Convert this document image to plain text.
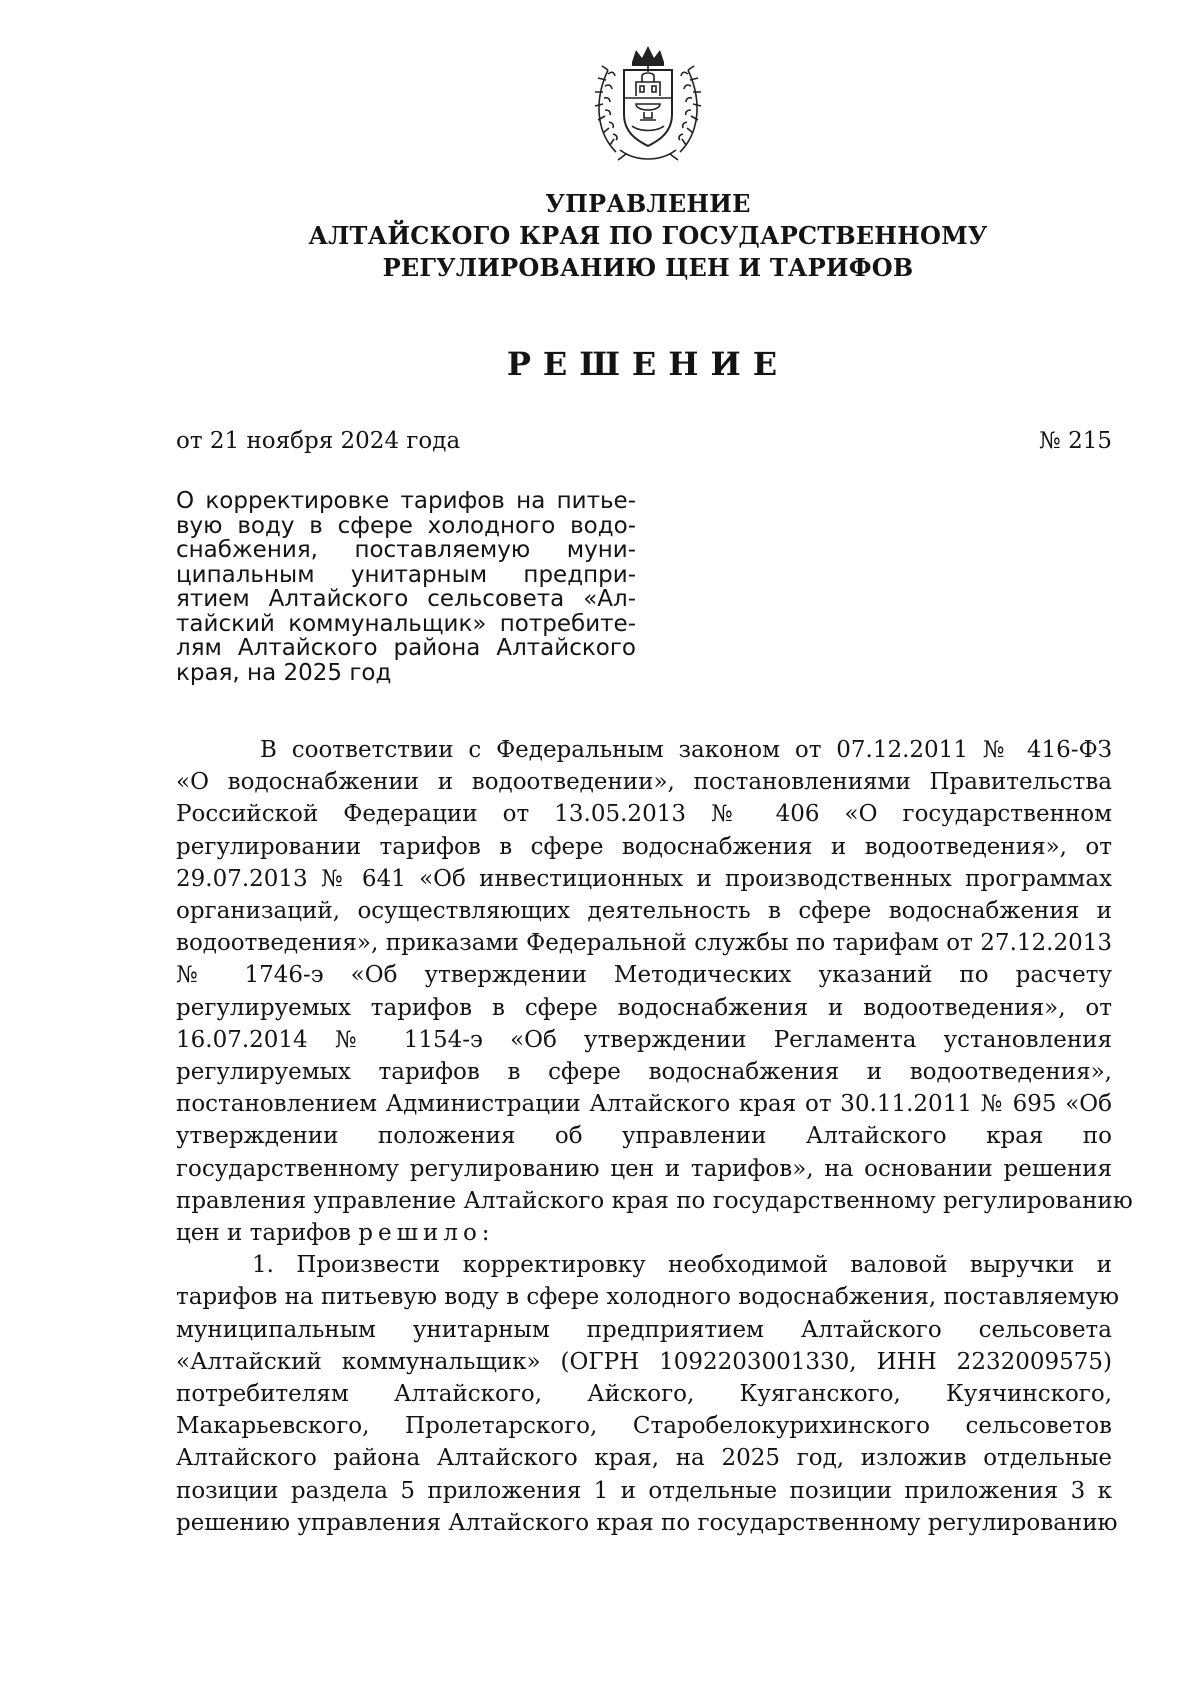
УПРАВЛЕНИЕ
АЛТАЙСКОГО КРАЯ ПО ГОСУДАРСТВЕННОМУ
РЕГУЛИРОВАНИЮ ЦЕН И ТАРИФОВ
РЕШЕНИЕ
от 21 ноября 2024 года	№ 215
О корректировке тарифов на питье-
вую воду в сфере холодного водо-
снабжения, поставляемую муни-
ципальным унитарным предпри-
ятием Алтайского сельсовета «Ал-
тайский коммунальщик» потребите-
лям Алтайского района Алтайского
края, на 2025 год
В соответствии с Федеральным законом от 07.12.2011 № 416-ФЗ
«О водоснабжении и водоотведении», постановлениями Правительства
Российской Федерации от 13.05.2013 № 406 «О государственном
регулировании тарифов в сфере водоснабжения и водоотведения», от
29.07.2013 № 641 «Об инвестиционных и производственных программах
организаций, осуществляющих деятельность в сфере водоснабжения и
водоотведения», приказами Федеральной службы по тарифам от 27.12.2013
№ 1746-э «Об утверждении Методических указаний по расчету
регулируемых тарифов в сфере водоснабжения и водоотведения», от
16.07.2014 № 1154-э «Об утверждении Регламента установления
регулируемых тарифов в сфере водоснабжения и водоотведения»,
постановлением Администрации Алтайского края от 30.11.2011 № 695 «Об
утверждении положения об управлении Алтайского края по
государственному регулированию цен и тарифов», на основании решения
правления управление Алтайского края по государственному регулированию
цен и тарифов решило:
1. Произвести корректировку необходимой валовой выручки и
тарифов на питьевую воду в сфере холодного водоснабжения, поставляемую
муниципальным унитарным предприятием Алтайского сельсовета
«Алтайский коммунальщик» (ОГРН 1092203001330, ИНН 2232009575)
потребителям Алтайского, Айского, Куяганского, Куячинского,
Макарьевского, Пролетарского, Старобелокурихинского сельсоветов
Алтайского района Алтайского края, на 2025 год, изложив отдельные
позиции раздела 5 приложения 1 и отдельные позиции приложения 3 к
решению управления Алтайского края по государственному регулированию
